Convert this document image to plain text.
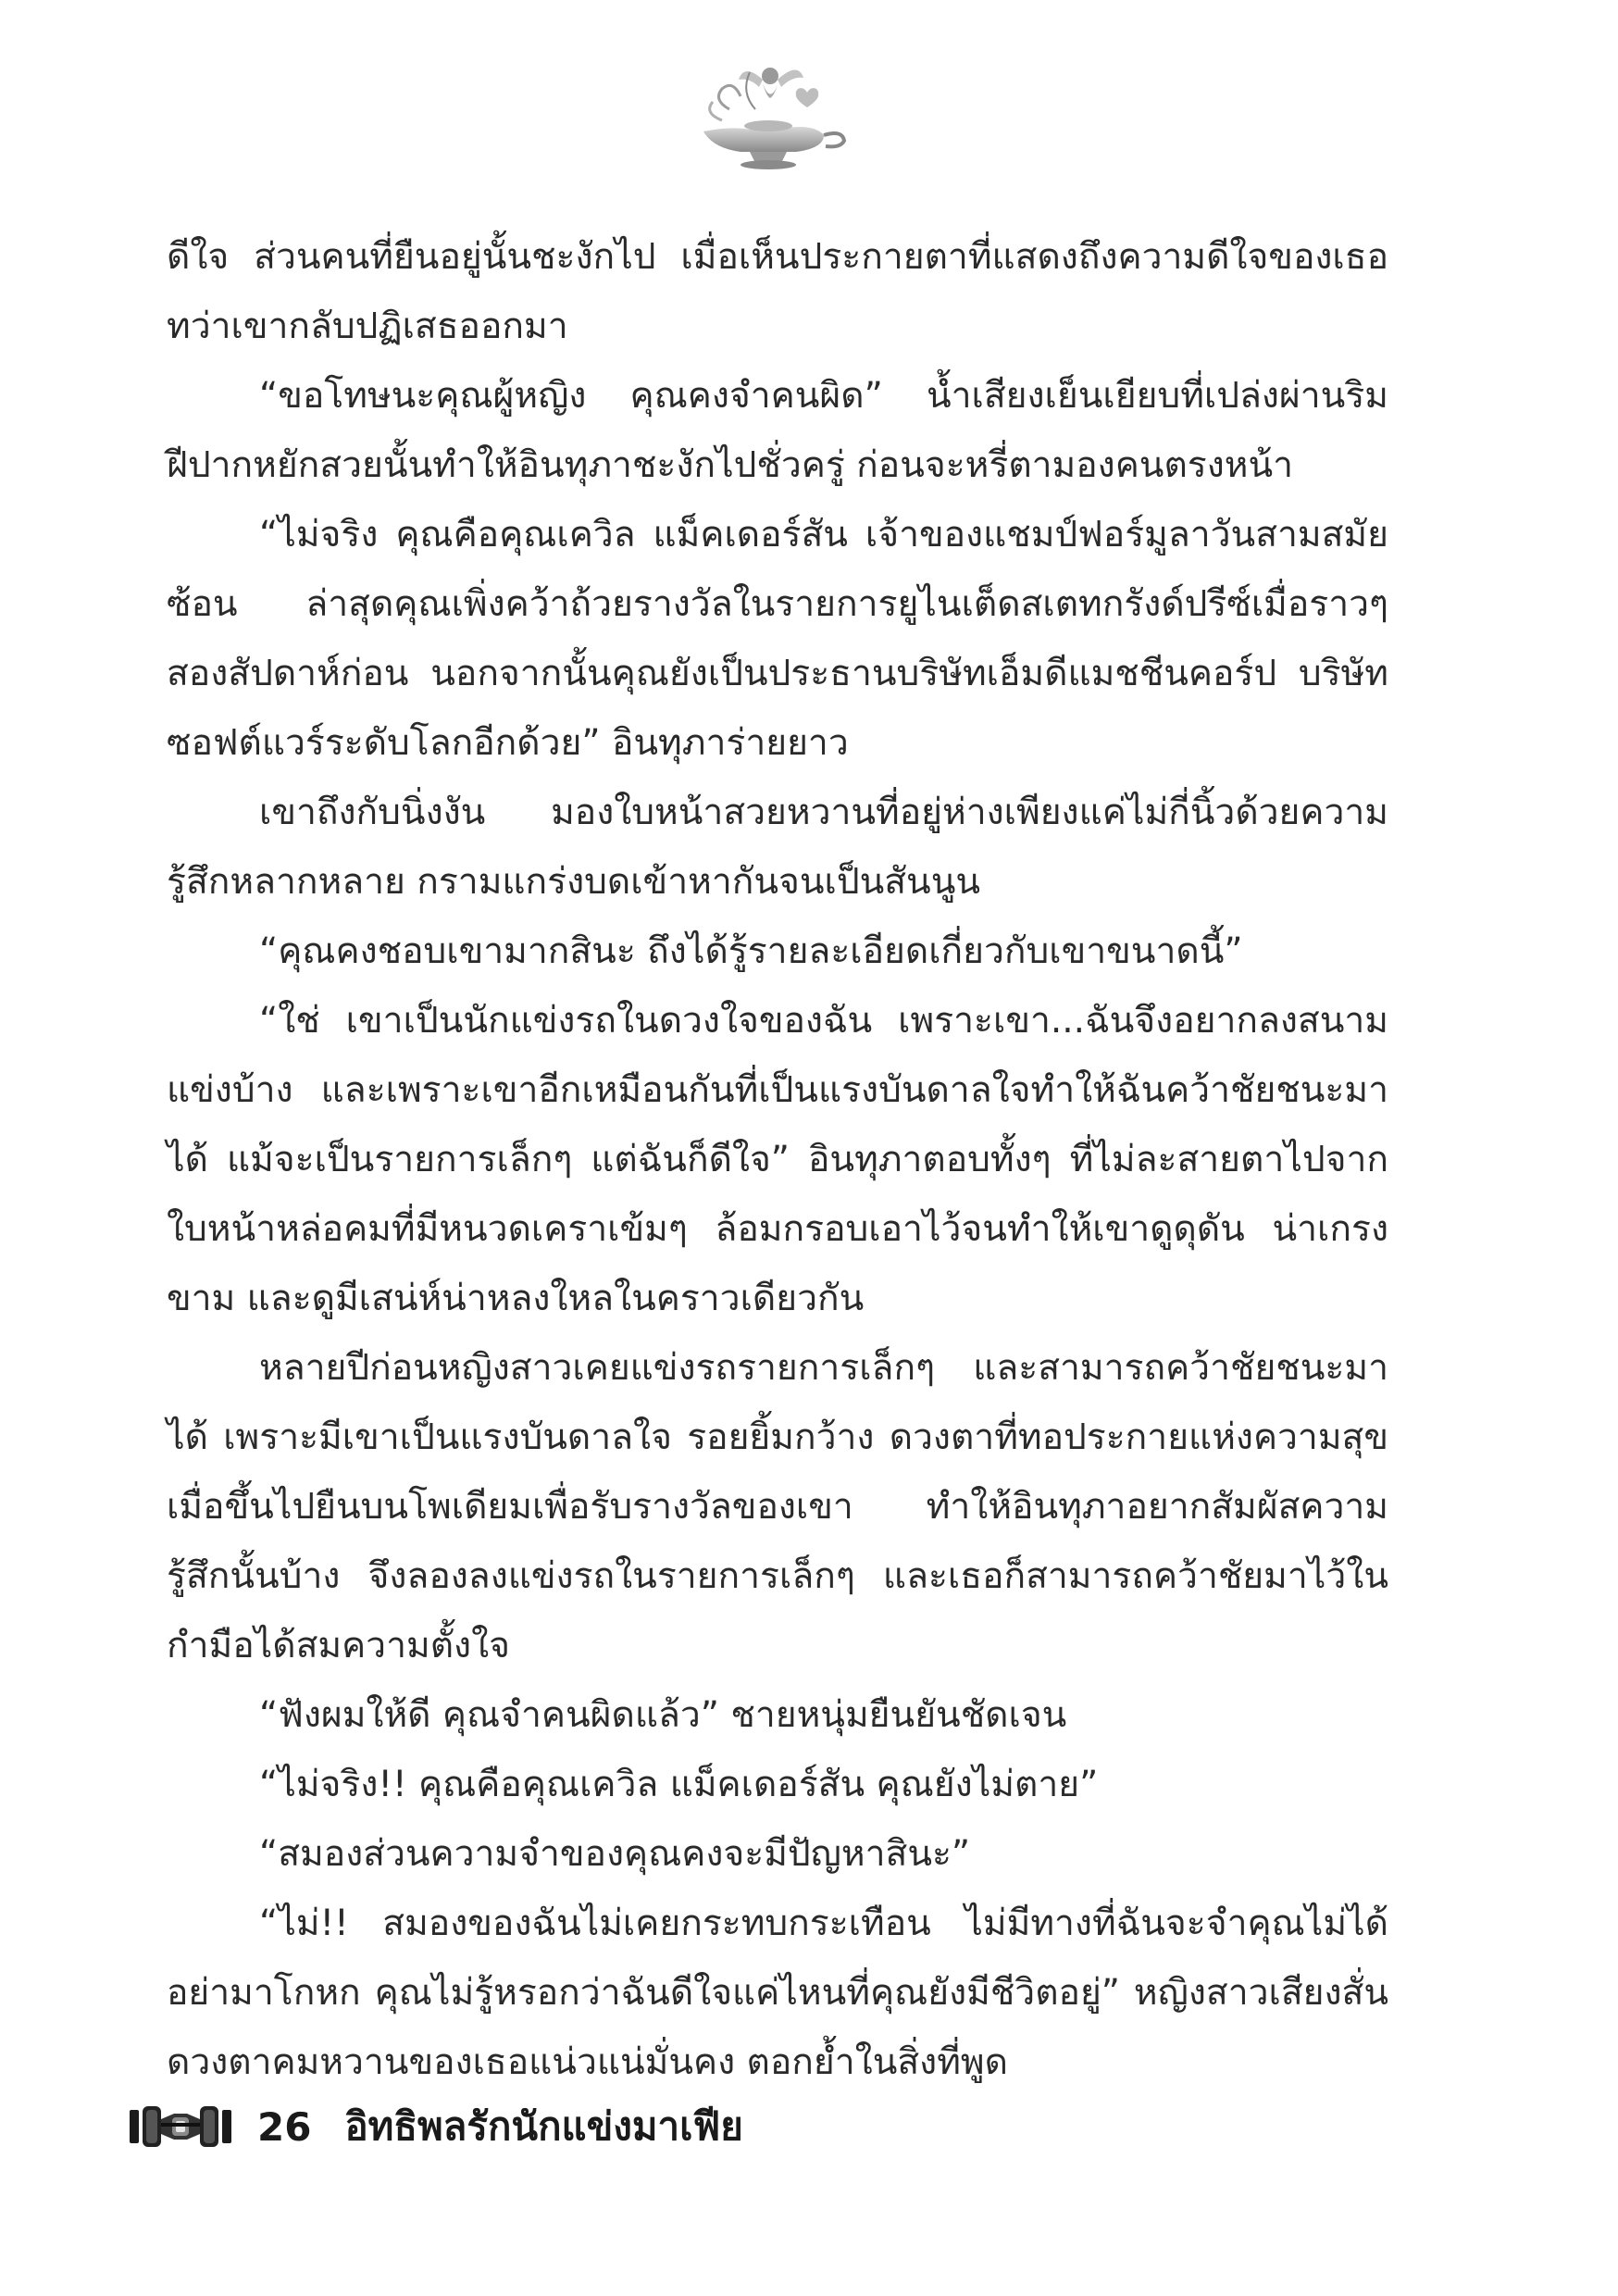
ดีใจ ส่วนคนที่ยืนอยู่นั้นชะงักไป เมื่อเห็นประกายตาที่แสดงถึงความดีใจของเธอ ทว่าเขากลับปฏิเสธออกมา

“ขอโทษนะคุณผู้หญิง คุณคงจำคนผิด” น้ำเสียงเย็นเยียบที่เปล่งผ่านริมฝีปากหยักสวยนั้นทำให้อินทุภาชะงักไปชั่วครู่ ก่อนจะหรี่ตามองคนตรงหน้า

“ไม่จริง คุณคือคุณเควิล แม็คเดอร์สัน เจ้าของแชมป์ฟอร์มูลาวันสามสมัยซ้อน ล่าสุดคุณเพิ่งคว้าถ้วยรางวัลในรายการยูไนเต็ดสเตทกรังด์ปรีซ์เมื่อราวๆ สองสัปดาห์ก่อน นอกจากนั้นคุณยังเป็นประธานบริษัทเอ็มดีแมชชีนคอร์ป บริษัทซอฟต์แวร์ระดับโลกอีกด้วย” อินทุภาร่ายยาว

เขาถึงกับนิ่งงัน มองใบหน้าสวยหวานที่อยู่ห่างเพียงแค่ไม่กี่นิ้วด้วยความรู้สึกหลากหลาย กรามแกร่งบดเข้าหากันจนเป็นสันนูน

“คุณคงชอบเขามากสินะ ถึงได้รู้รายละเอียดเกี่ยวกับเขาขนาดนี้”

“ใช่ เขาเป็นนักแข่งรถในดวงใจของฉัน เพราะเขา...ฉันจึงอยากลงสนามแข่งบ้าง และเพราะเขาอีกเหมือนกันที่เป็นแรงบันดาลใจทำให้ฉันคว้าชัยชนะมาได้ แม้จะเป็นรายการเล็กๆ แต่ฉันก็ดีใจ” อินทุภาตอบทั้งๆ ที่ไม่ละสายตาไปจากใบหน้าหล่อคมที่มีหนวดเคราเข้มๆ ล้อมกรอบเอาไว้จนทำให้เขาดูดุดัน น่าเกรงขาม และดูมีเสน่ห์น่าหลงใหลในคราวเดียวกัน

หลายปีก่อนหญิงสาวเคยแข่งรถรายการเล็กๆ และสามารถคว้าชัยชนะมาได้ เพราะมีเขาเป็นแรงบันดาลใจ รอยยิ้มกว้าง ดวงตาที่ทอประกายแห่งความสุข เมื่อขึ้นไปยืนบนโพเดียมเพื่อรับรางวัลของเขา ทำให้อินทุภาอยากสัมผัสความรู้สึกนั้นบ้าง จึงลองลงแข่งรถในรายการเล็กๆ และเธอก็สามารถคว้าชัยมาไว้ในกำมือได้สมความตั้งใจ

“ฟังผมให้ดี คุณจำคนผิดแล้ว” ชายหนุ่มยืนยันชัดเจน

“ไม่จริง!! คุณคือคุณเควิล แม็คเดอร์สัน คุณยังไม่ตาย”

“สมองส่วนความจำของคุณคงจะมีปัญหาสินะ”

“ไม่!! สมองของฉันไม่เคยกระทบกระเทือน ไม่มีทางที่ฉันจะจำคุณไม่ได้ อย่ามาโกหก คุณไม่รู้หรอกว่าฉันดีใจแค่ไหนที่คุณยังมีชีวิตอยู่” หญิงสาวเสียงสั่น ดวงตาคมหวานของเธอแน่วแน่มั่นคง ตอกย้ำในสิ่งที่พูด

26 อิทธิพลรักนักแข่งมาเฟีย
